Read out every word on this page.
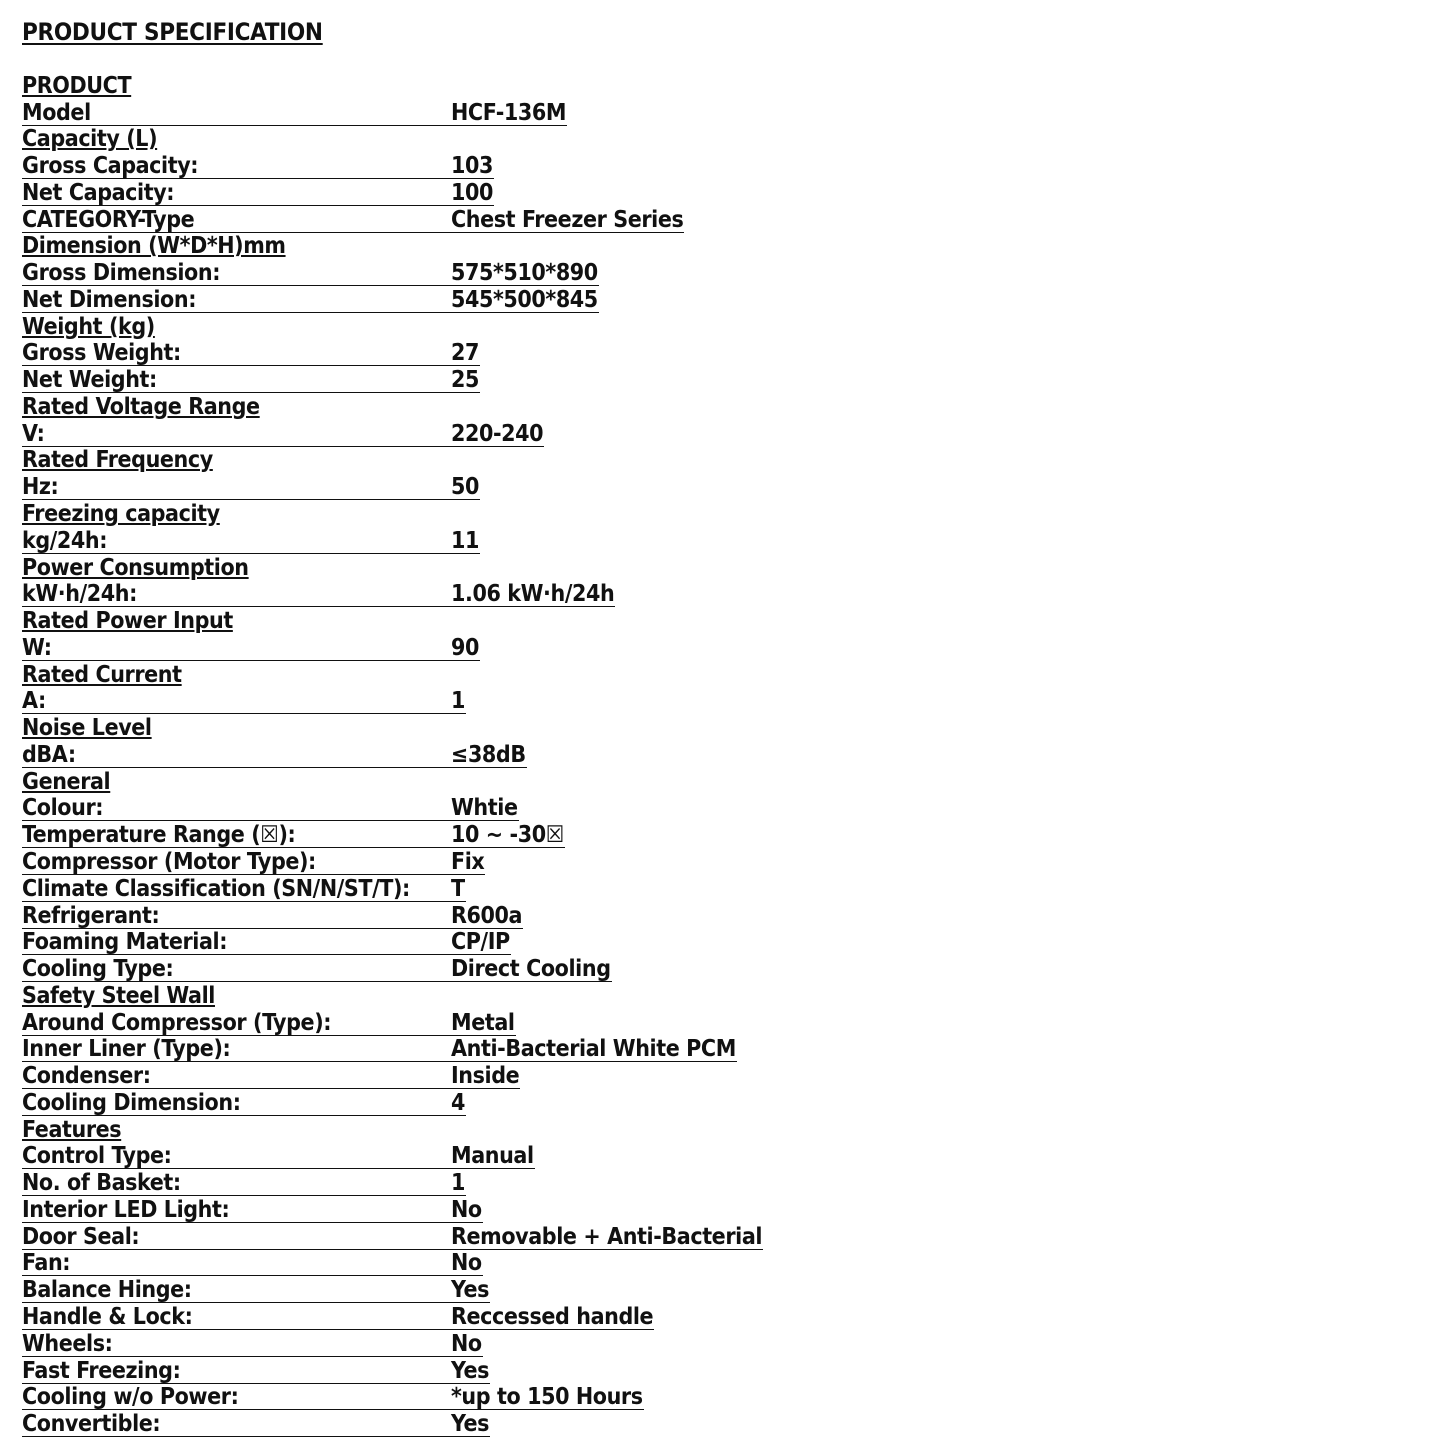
PRODUCT SPECIFICATION
PRODUCT
Model	HCF-136M
Capacity (L)
Gross Capacity:	103
Net Capacity:	100
CATEGORY-Type	Chest Freezer Series
Dimension (W*D*H)mm
Gross Dimension:	575*510*890
Net Dimension:	545*500*845
Weight (kg)
Gross Weight:	27
Net Weight:	25
Rated Voltage Range
V:	220-240
Rated Frequency
Hz:	50
Freezing capacity
kg/24h:	11
Power Consumption
kW·h/24h:	1.06 kW·h/24h
Rated Power Input
W:	90
Rated Current
A:	1
Noise Level
dBA:	≤38dB
General
Colour:	Whtie
Temperature Range (☒):	10 ~ -30☒
Compressor (Motor Type):	Fix
Climate Classification (SN/N/ST/T): T
Refrigerant:	R600a
Foaming Material:	CP/IP
Cooling Type:	Direct Cooling
Safety Steel Wall
Around Compressor (Type):	Metal
Inner Liner (Type):	Anti-Bacterial White PCM
Condenser:	Inside
Cooling Dimension:	4
Features
Control Type:	Manual
No. of Basket:	1
Interior LED Light:	No
Door Seal:	Removable + Anti-Bacterial
Fan:	No
Balance Hinge:	Yes
Handle & Lock:	Reccessed handle
Wheels:	No
Fast Freezing:	Yes
Cooling w/o Power:	*up to 150 Hours
Convertible:	Yes
